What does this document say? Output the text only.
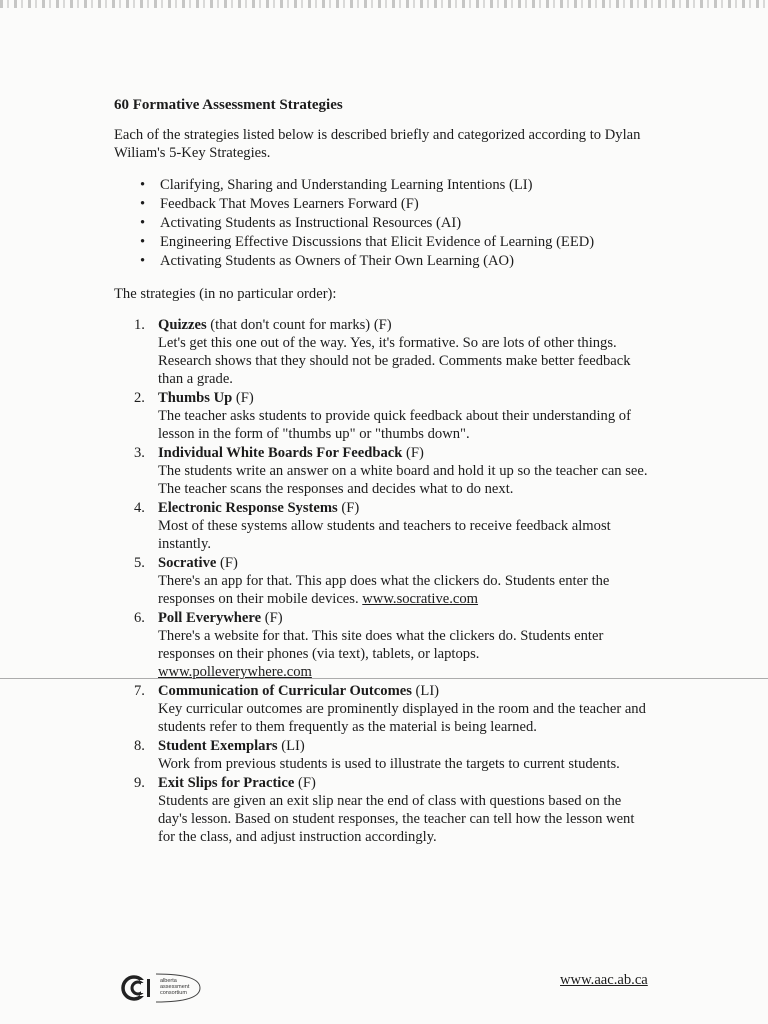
60 Formative Assessment Strategies

Each of the strategies listed below is described briefly and categorized according to Dylan Wiliam's 5-Key Strategies.

• Clarifying, Sharing and Understanding Learning Intentions (LI)
• Feedback That Moves Learners Forward (F)
• Activating Students as Instructional Resources (AI)
• Engineering Effective Discussions that Elicit Evidence of Learning (EED)
• Activating Students as Owners of Their Own Learning (AO)

The strategies (in no particular order):

1. Quizzes (that don't count for marks) (F)
Let's get this one out of the way. Yes, it's formative. So are lots of other things. Research shows that they should not be graded. Comments make better feedback than a grade.
2. Thumbs Up (F)
The teacher asks students to provide quick feedback about their understanding of lesson in the form of "thumbs up" or "thumbs down".
3. Individual White Boards For Feedback (F)
The students write an answer on a white board and hold it up so the teacher can see. The teacher scans the responses and decides what to do next.
4. Electronic Response Systems (F)
Most of these systems allow students and teachers to receive feedback almost instantly.
5. Socrative (F)
There's an app for that. This app does what the clickers do. Students enter the responses on their mobile devices. www.socrative.com
6. Poll Everywhere (F)
There's a website for that. This site does what the clickers do. Students enter responses on their phones (via text), tablets, or laptops.
www.polleverywhere.com
7. Communication of Curricular Outcomes (LI)
Key curricular outcomes are prominently displayed in the room and the teacher and students refer to them frequently as the material is being learned.
8. Student Exemplars (LI)
Work from previous students is used to illustrate the targets to current students.
9. Exit Slips for Practice (F)
Students are given an exit slip near the end of class with questions based on the day's lesson. Based on student responses, the teacher can tell how the lesson went for the class, and adjust instruction accordingly.
alberta
assessment
consortium
www.aac.ab.ca
